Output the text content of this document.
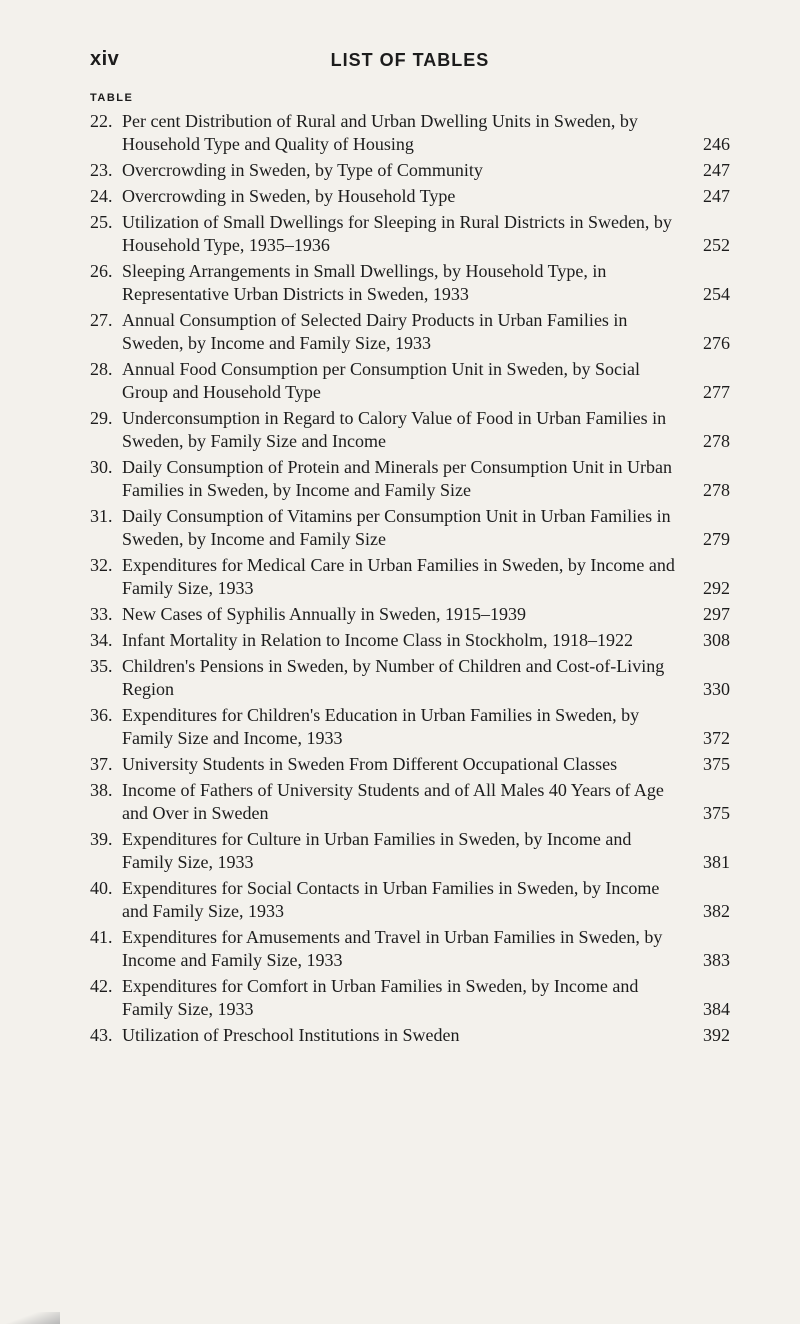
xiv	LIST OF TABLES
TABLE
22. Per cent Distribution of Rural and Urban Dwelling Units in Sweden, by Household Type and Quality of Housing	246
23. Overcrowding in Sweden, by Type of Community	247
24. Overcrowding in Sweden, by Household Type	247
25. Utilization of Small Dwellings for Sleeping in Rural Districts in Sweden, by Household Type, 1935–1936	252
26. Sleeping Arrangements in Small Dwellings, by Household Type, in Representative Urban Districts in Sweden, 1933	254
27. Annual Consumption of Selected Dairy Products in Urban Families in Sweden, by Income and Family Size, 1933	276
28. Annual Food Consumption per Consumption Unit in Sweden, by Social Group and Household Type	277
29. Underconsumption in Regard to Calory Value of Food in Urban Families in Sweden, by Family Size and Income	278
30. Daily Consumption of Protein and Minerals per Consumption Unit in Urban Families in Sweden, by Income and Family Size	278
31. Daily Consumption of Vitamins per Consumption Unit in Urban Families in Sweden, by Income and Family Size	279
32. Expenditures for Medical Care in Urban Families in Sweden, by Income and Family Size, 1933	292
33. New Cases of Syphilis Annually in Sweden, 1915–1939	297
34. Infant Mortality in Relation to Income Class in Stockholm, 1918–1922	308
35. Children's Pensions in Sweden, by Number of Children and Cost-of-Living Region	330
36. Expenditures for Children's Education in Urban Families in Sweden, by Family Size and Income, 1933	372
37. University Students in Sweden From Different Occupational Classes	375
38. Income of Fathers of University Students and of All Males 40 Years of Age and Over in Sweden	375
39. Expenditures for Culture in Urban Families in Sweden, by Income and Family Size, 1933	381
40. Expenditures for Social Contacts in Urban Families in Sweden, by Income and Family Size, 1933	382
41. Expenditures for Amusements and Travel in Urban Families in Sweden, by Income and Family Size, 1933	383
42. Expenditures for Comfort in Urban Families in Sweden, by Income and Family Size, 1933	384
43. Utilization of Preschool Institutions in Sweden	392
